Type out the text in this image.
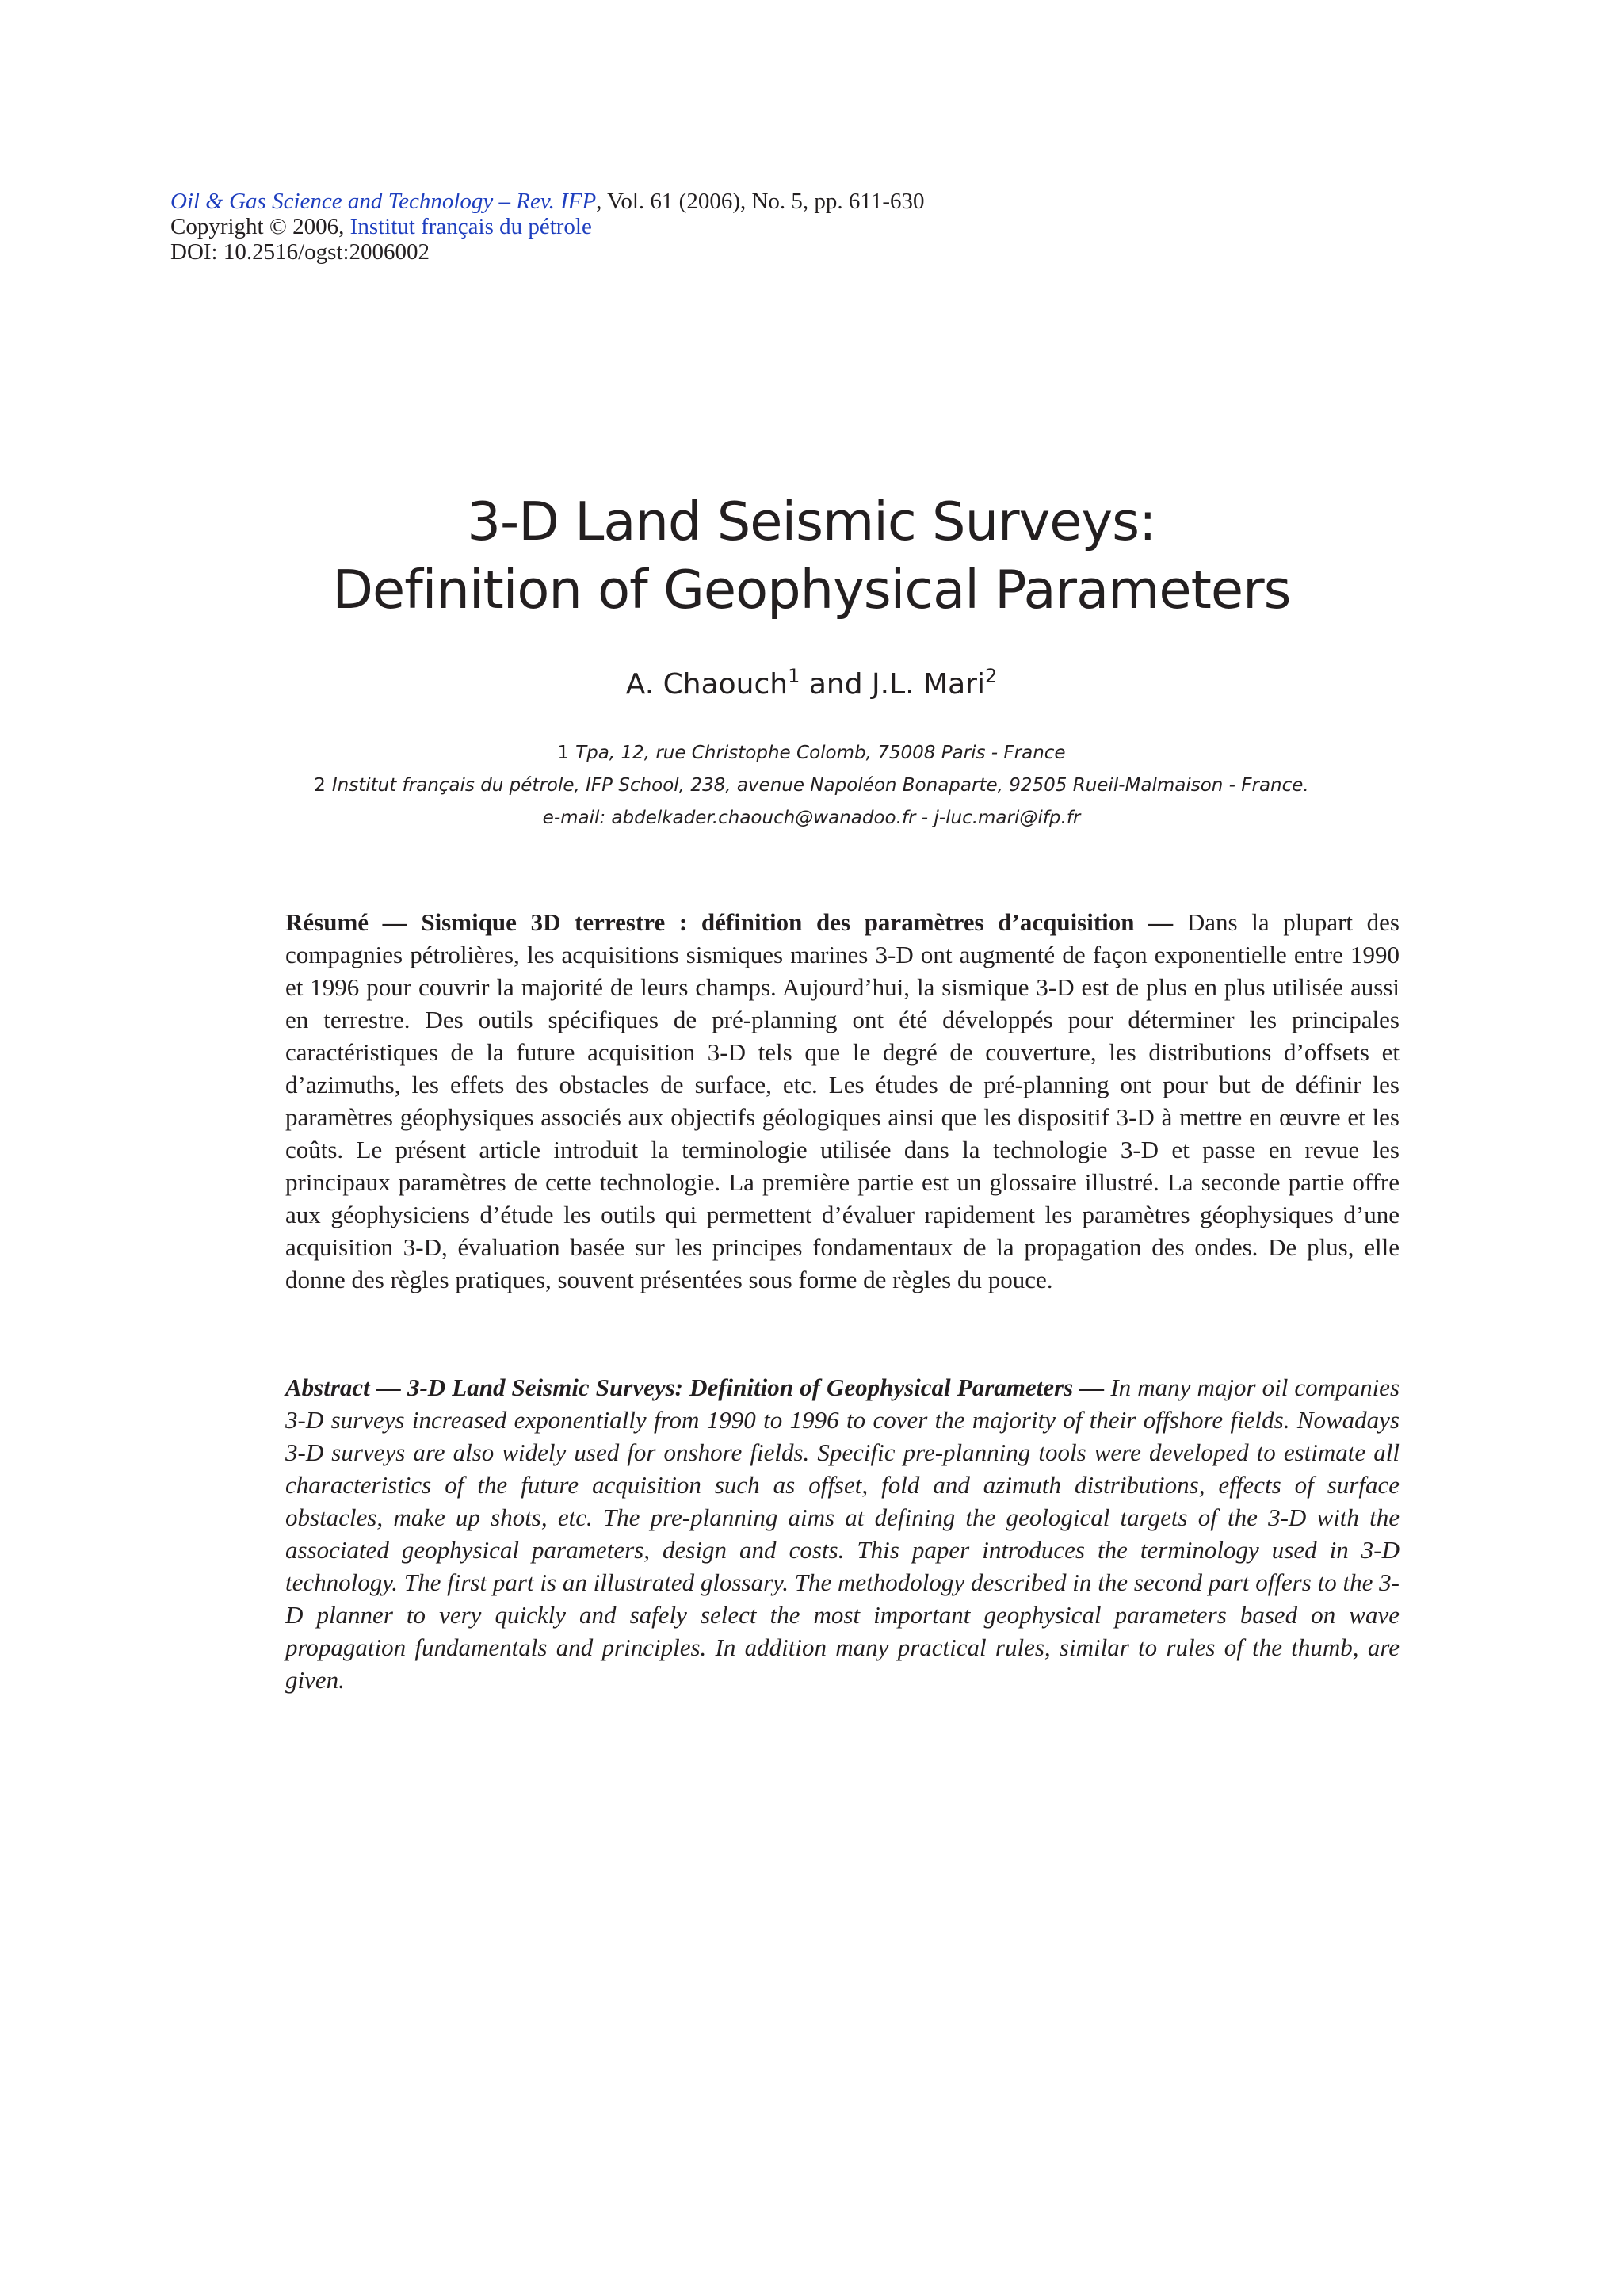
Oil & Gas Science and Technology – Rev. IFP, Vol. 61 (2006), No. 5, pp. 611-630
Copyright © 2006, Institut français du pétrole
DOI: 10.2516/ogst:2006002
3-D Land Seismic Surveys:
Definition of Geophysical Parameters
A. Chaouch$^1$ and J.L. Mari$^2$
1 Tpa, 12, rue Christophe Colomb, 75008 Paris - France
2 Institut français du pétrole, IFP School, 238, avenue Napoléon Bonaparte, 92505 Rueil-Malmaison - France.
e-mail: abdelkader.chaouch@wanadoo.fr - j-luc.mari@ifp.fr
Résumé — Sismique 3D terrestre : définition des paramètres d’acquisition — Dans la plupart des compagnies pétrolières, les acquisitions sismiques marines 3-D ont augmenté de façon exponentielle entre 1990 et 1996 pour couvrir la majorité de leurs champs. Aujourd’hui, la sismique 3-D est de plus en plus utilisée aussi en terrestre. Des outils spécifiques de pré-planning ont été développés pour déterminer les principales caractéristiques de la future acquisition 3-D tels que le degré de couverture, les distributions d’offsets et d’azimuths, les effets des obstacles de surface, etc. Les études de pré-planning ont pour but de définir les paramètres géophysiques associés aux objectifs géologiques ainsi que les dispositif 3-D à mettre en œuvre et les coûts. Le présent article introduit la terminologie utilisée dans la technologie 3-D et passe en revue les principaux paramètres de cette technologie. La première partie est un glossaire illustré. La seconde partie offre aux géophysiciens d’étude les outils qui permettent d’évaluer rapidement les paramètres géophysiques d’une acquisition 3-D, évaluation basée sur les principes fondamentaux de la propagation des ondes. De plus, elle donne des règles pratiques, souvent présentées sous forme de règles du pouce.
Abstract — 3-D Land Seismic Surveys: Definition of Geophysical Parameters — In many major oil companies 3-D surveys increased exponentially from 1990 to 1996 to cover the majority of their offshore fields. Nowadays 3-D surveys are also widely used for onshore fields. Specific pre-planning tools were developed to estimate all characteristics of the future acquisition such as offset, fold and azimuth distributions, effects of surface obstacles, make up shots, etc. The pre-planning aims at defining the geological targets of the 3-D with the associated geophysical parameters, design and costs. This paper introduces the terminology used in 3-D technology. The first part is an illustrated glossary. The methodology described in the second part offers to the 3-D planner to very quickly and safely select the most important geophysical parameters based on wave propagation fundamentals and principles. In addition many practical rules, similar to rules of the thumb, are given.
